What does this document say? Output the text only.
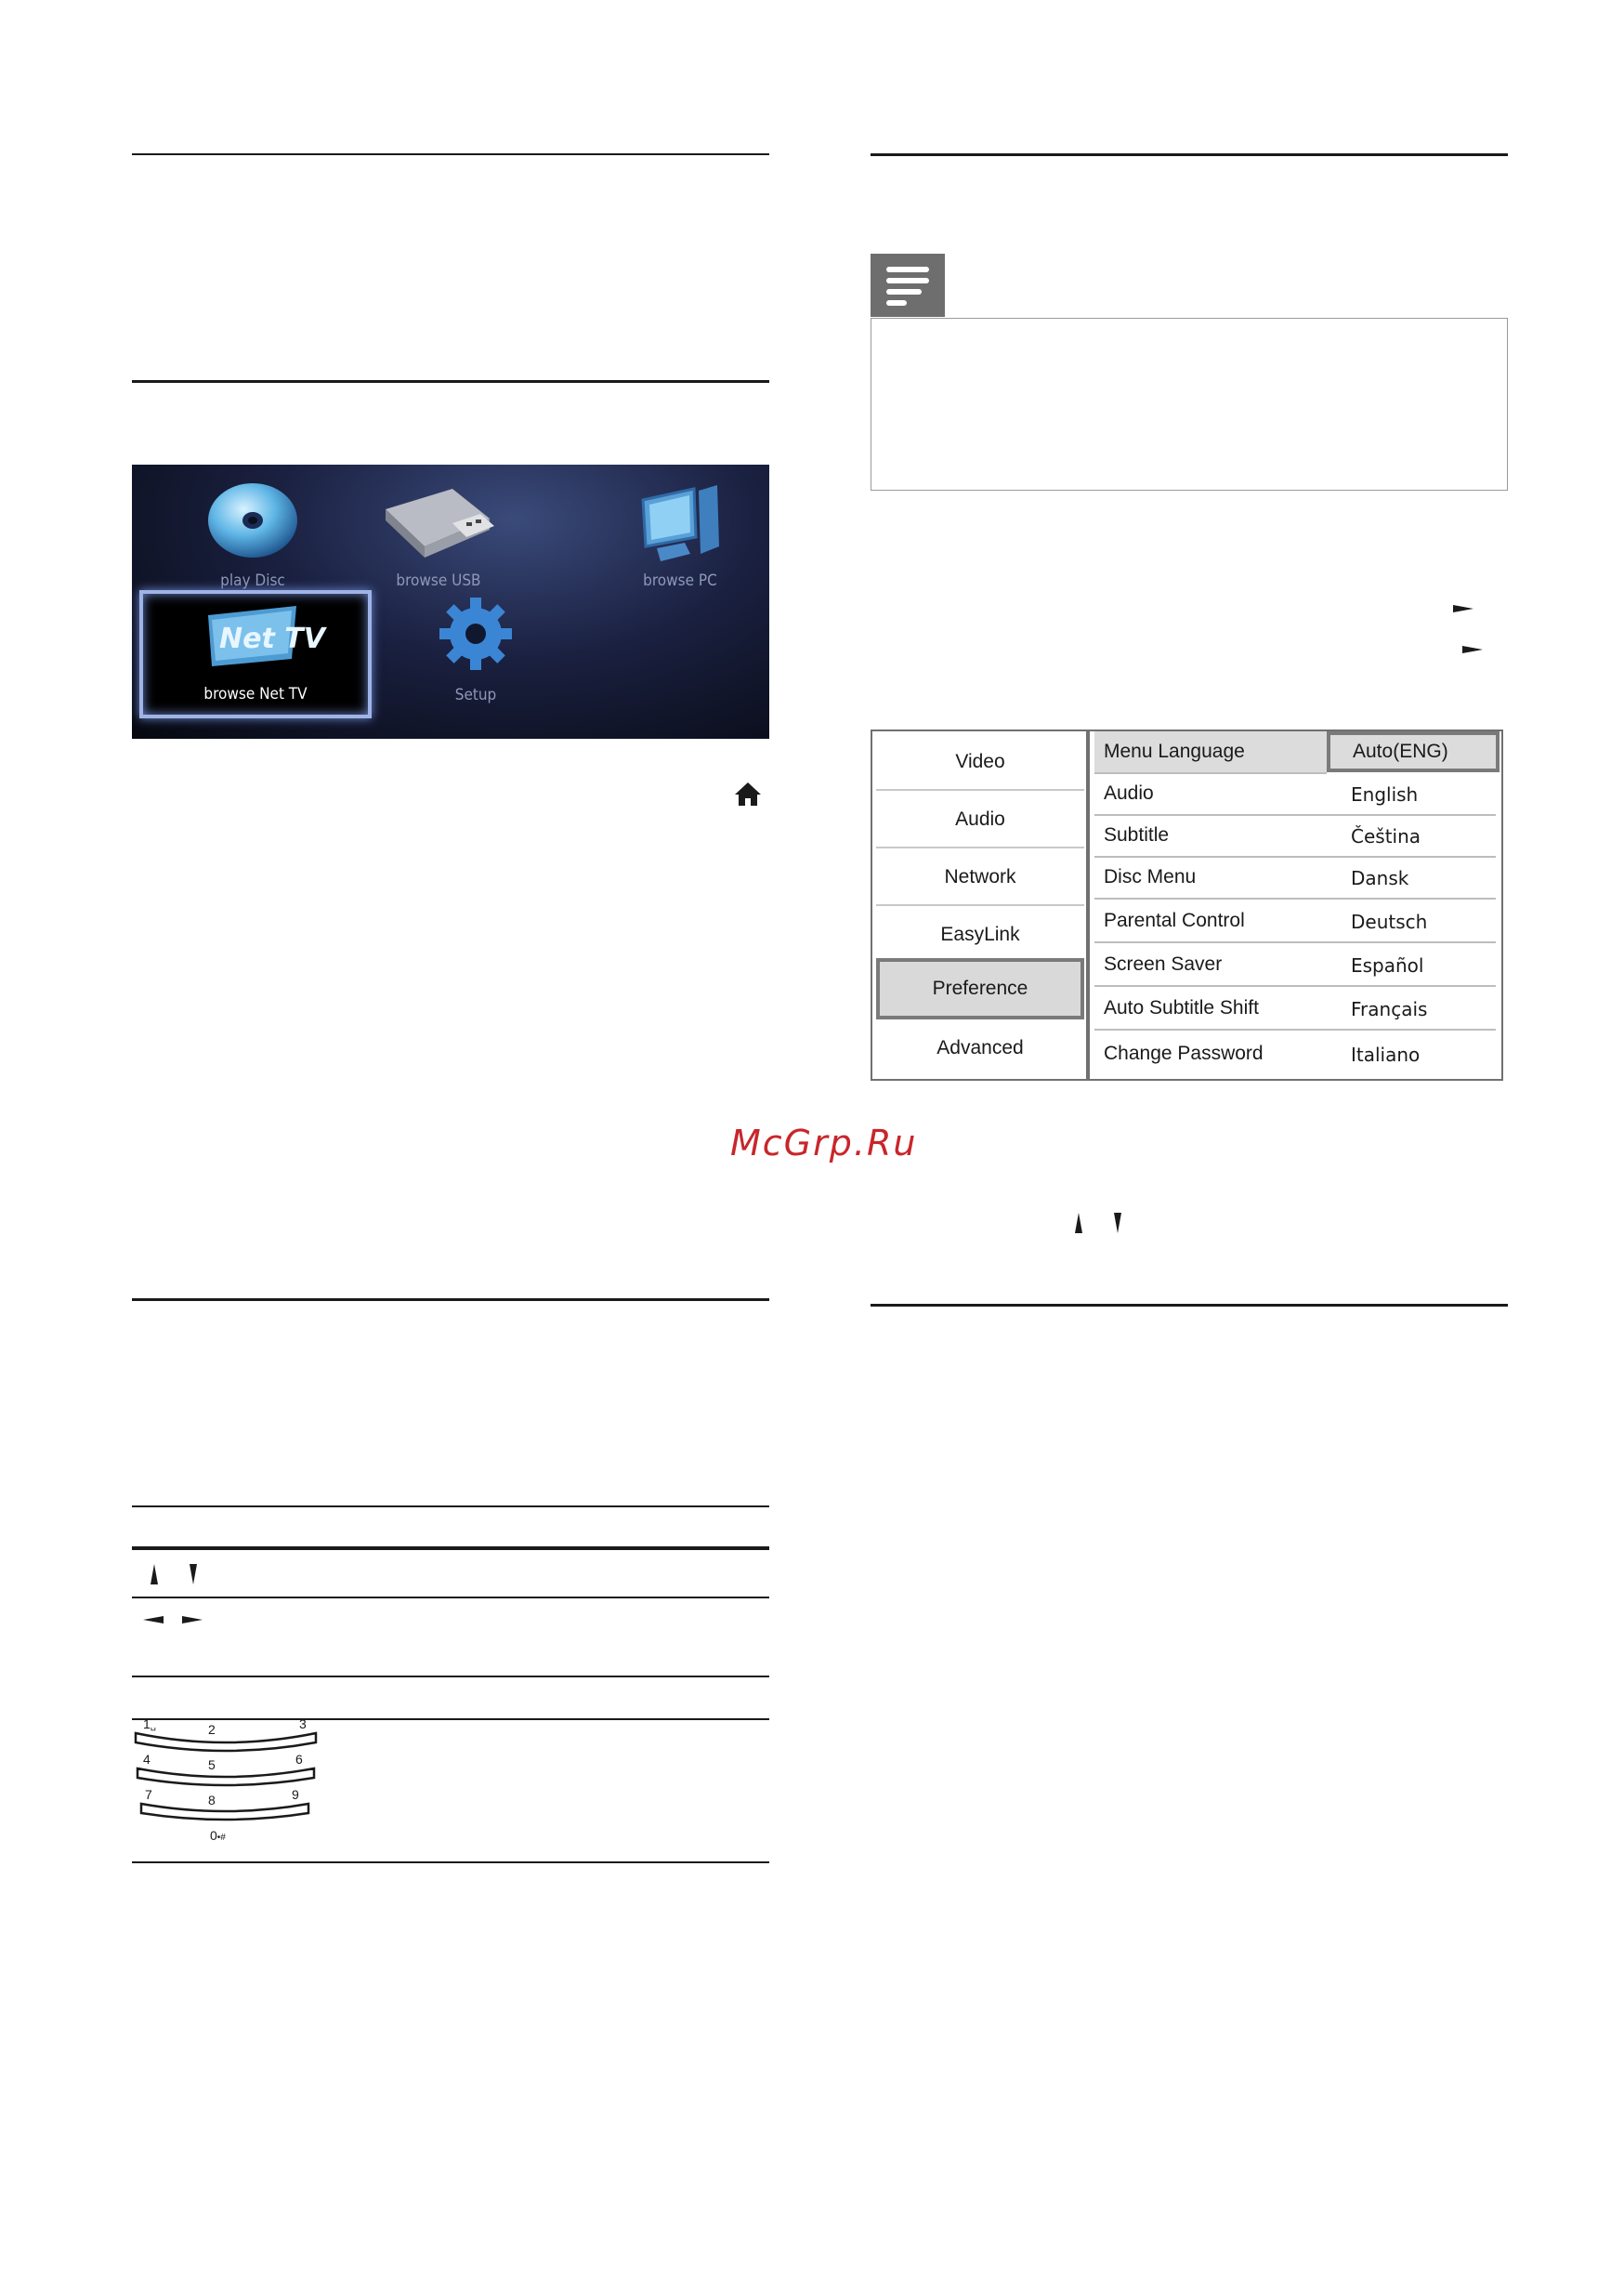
play Disc	browse USB	browse PC
Net TV
browse Net TV	Setup
1␣	2	3
4	5	6
7	8	9
0•#
Video
Audio
Network
EasyLink
Preference
Advanced
Menu Language	Auto(ENG)
Audio	English
Subtitle	Čeština
Disc Menu	Dansk
Parental Control	Deutsch
Screen Saver	Español
Auto Subtitle Shift	Français
Change Password	Italiano
McGrp.Ru
